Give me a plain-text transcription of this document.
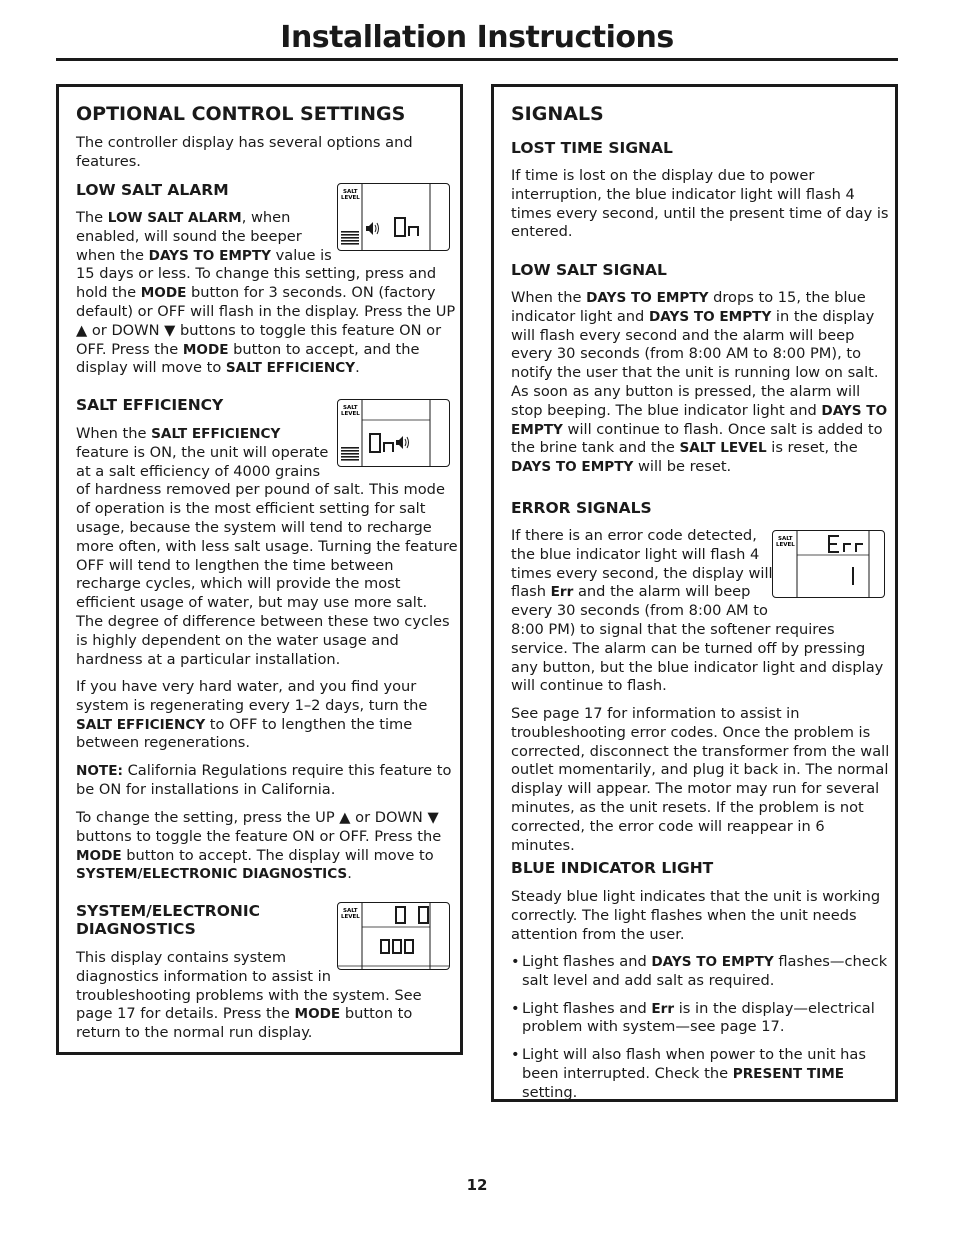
Installation Instructions
OPTIONAL CONTROL SETTINGS

The controller display has several options and features.

LOW SALT ALARM	SALT
LEVEL

The LOW SALT ALARM, when
enabled, will sound the beeper
when the DAYS TO EMPTY value is
15 days or less. To change this setting, press and hold the MODE button for 3 seconds. ON (factory default) or OFF will flash in the display. Press the UP ▲ or DOWN ▼ buttons to toggle this feature ON or OFF. Press the MODE button to accept, and the display will move to SALT EFFICIENCY.

SALT EFFICIENCY	SALT
LEVEL

When the SALT EFFICIENCY
feature is ON, the unit will operate
at a salt efficiency of 4000 grains
of hardness removed per pound of salt. This mode of operation is the most efficient setting for salt usage, because the system will tend to recharge more often, with less salt usage. Turning the feature OFF will tend to lengthen the time between recharge cycles, which will provide the most efficient usage of water, but may use more salt. The degree of difference between these two cycles is highly dependent on the water usage and hardness at a particular installation.

If you have very hard water, and you find your system is regenerating every 1–2 days, turn the SALT EFFICIENCY to OFF to lengthen the time between regenerations.

NOTE: California Regulations require this feature to be ON for installations in California.

To change the setting, press the UP ▲ or DOWN ▼ buttons to toggle the feature ON or OFF. Press the MODE button to accept. The display will move to SYSTEM/ELECTRONIC DIAGNOSTICS.

SYSTEM/ELECTRONIC DIAGNOSTICS
SALT
LEVEL

This display contains system
diagnostics information to assist in
troubleshooting problems with the system. See page 17 for details. Press the MODE button to return to the normal run display.

SIGNALS
LOST TIME SIGNAL

If time is lost on the display due to power interruption, the blue indicator light will flash 4 times every second, until the present time of day is entered.

LOW SALT SIGNAL

When the DAYS TO EMPTY drops to 15, the blue indicator light and DAYS TO EMPTY in the display will flash every second and the alarm will beep every 30 seconds (from 8:00 AM to 8:00 PM), to notify the user that the unit is running low on salt. As soon as any button is pressed, the alarm will stop beeping. The blue indicator light and DAYS TO EMPTY will continue to flash. Once salt is added to the brine tank and the SALT LEVEL is reset, the DAYS TO EMPTY will be reset.

ERROR SIGNALS
SALT
LEVEL

If there is an error code detected,
the blue indicator light will flash 4
times every second, the display will
flash Err and the alarm will beep
every 30 seconds (from 8:00 AM to
8:00 PM) to signal that the softener requires service. The alarm can be turned off by pressing any button, but the blue indicator light and display will continue to flash.

See page 17 for information to assist in troubleshooting error codes. Once the problem is corrected, disconnect the transformer from the wall outlet momentarily, and plug it back in. The normal display will appear. The motor may run for several minutes, as the unit resets. If the problem is not corrected, the error code will reappear in 6 minutes.

BLUE INDICATOR LIGHT

Steady blue light indicates that the unit is working correctly. The light flashes when the unit needs attention from the user.

• Light flashes and DAYS TO EMPTY flashes—check salt level and add salt as required.
• Light flashes and Err is in the display—electrical problem with system—see page 17.
• Light will also flash when power to the unit has been interrupted. Check the PRESENT TIME setting.
12
